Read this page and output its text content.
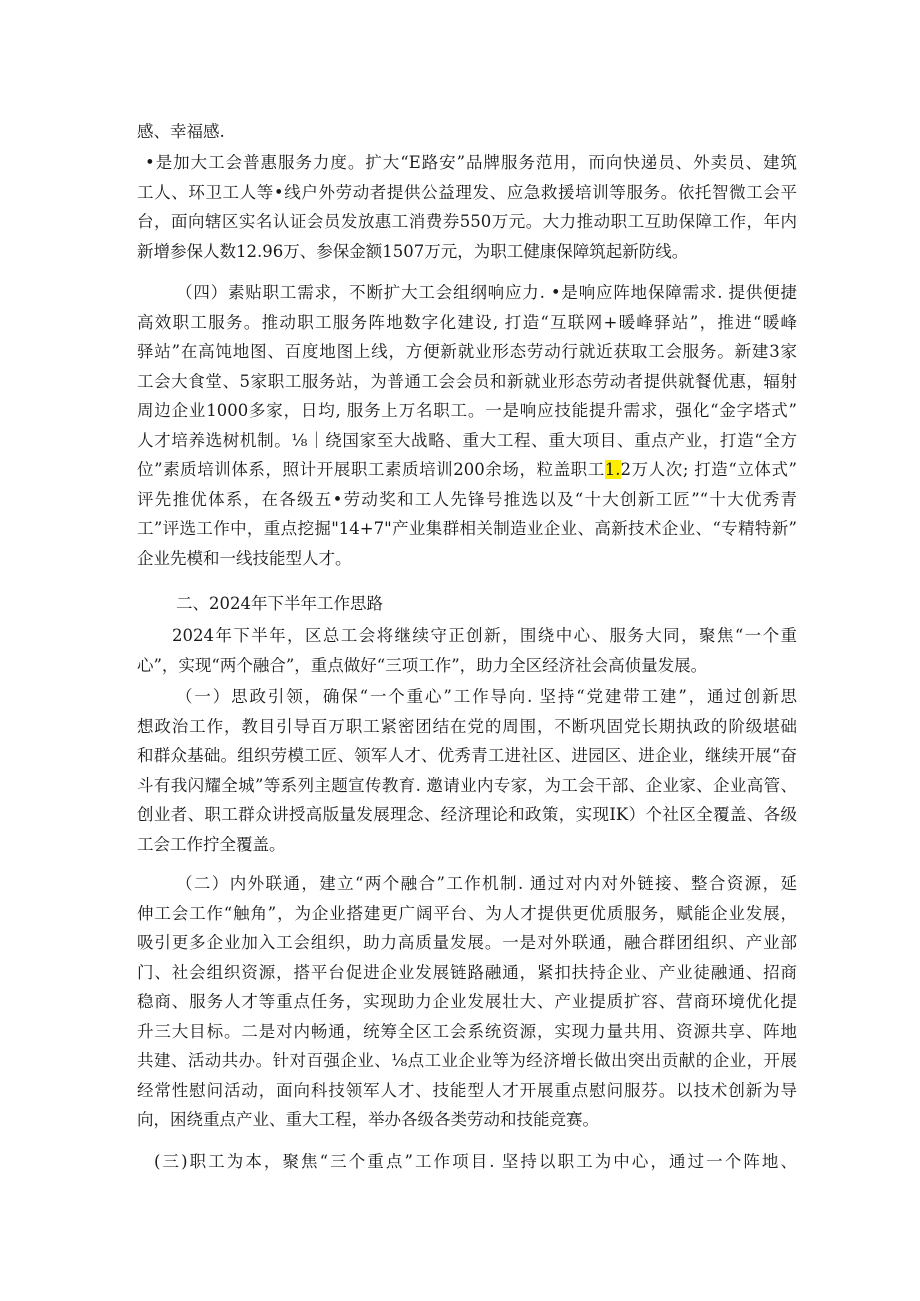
感、幸福感.
•是加大工会普惠服务力度。扩大“E路安”品牌服务范用，而向快递员、外卖员、建筑
工人、环卫工人等•线户外劳动者提供公益理发、应急救援培训等服务。依托智微工会平
台，面向辖区实名认证会员发放惠工消费券550万元。大力推动职工互助保障工作，年内
新增参保人数12.96万、参保金额1507万元，为职工健康保障筑起新防线。
（四）素贴职工需求，不断扩大工会组纲响应力. •是响应阵地保障需求. 提供便捷
高效职工服务。推动职工服务阵地数字化建设, 打造“互联网+暖峰驿站”，推进“暖峰
驿站”在高饨地图、百度地图上线，方便新就业形态劳动行就近获取工会服务。新建3家
工会大食堂、5家职工服务站，为普通工会会员和新就业形态劳动者提供就餐优惠，辐射
周边企业1000多家，日均, 服务上万名职工。一是响应技能提升需求，强化“金字塔式”
人才培养选树机制。⅛｜绕国家至大战略、重大工程、重大项目、重点产业，打造“全方
位”素质培训体系，照计开展职工素质培训200余场，粒盖职工1.2万人次; 打造“立体式”
评先推优体系，在各级五•劳动奖和工人先锋号推选以及“十大创新工匠”“十大优秀青
工”评选工作中，重点挖掘"14+7"产业集群相关制造业企业、高新技术企业、“专精特新”
企业先模和一线技能型人才。
二、2024年下半年工作思路
2024年下半年，区总工会将继续守正创新，围绕中心、服务大同，聚焦“一个重
心”，实现“两个融合”，重点做好“三项工作”，助力全区经济社会高侦量发展。
（一）思政引领，确保“一个重心”工作导向. 坚持“党建带工建”，通过创新思
想政治工作，教目引导百万职工紧密团结在党的周围，不断巩固党长期执政的阶级堪础
和群众基础。组织劳模工匠、领军人才、优秀青工进社区、进园区、进企业，继续开展“奋
斗有我闪耀全城”等系列主题宣传教育. 邀请业内专家，为工会干部、企业家、企业高管、
创业者、职工群众讲授高版量发展理念、经济理论和政策，实现IK）个社区全覆盖、各级
工会工作拧全覆盖。
（二）内外联通，建立“两个融合”工作机制. 通过对内对外链接、整合资源，延
伸工会工作“触角”，为企业搭建更广阔平台、为人才提供更优质服务，赋能企业发展，
吸引更多企业加入工会组织，助力高质量发展。一是对外联通，融合群团组织、产业部
门、社会组织资源，搭平台促进企业发展链路融通，紧扣扶持企业、产业徒融通、招商
稳商、服务人才等重点任务，实现助力企业发展壮大、产业提质扩容、营商环境优化提
升三大目标。二是对内畅通，统筹全区工会系统资源，实现力量共用、资源共享、阵地
共建、活动共办。针对百强企业、⅛点工业企业等为经济增长做出突出贡献的企业，开展
经常性慰问活动，面向科技领军人才、技能型人才开展重点慰问服芬。以技术创新为导
向，困绕重点产业、重大工程，举办各级各类劳动和技能竞赛。
(三)职工为本，聚焦“三个重点”工作项目. 坚持以职工为中心，通过一个阵地、
